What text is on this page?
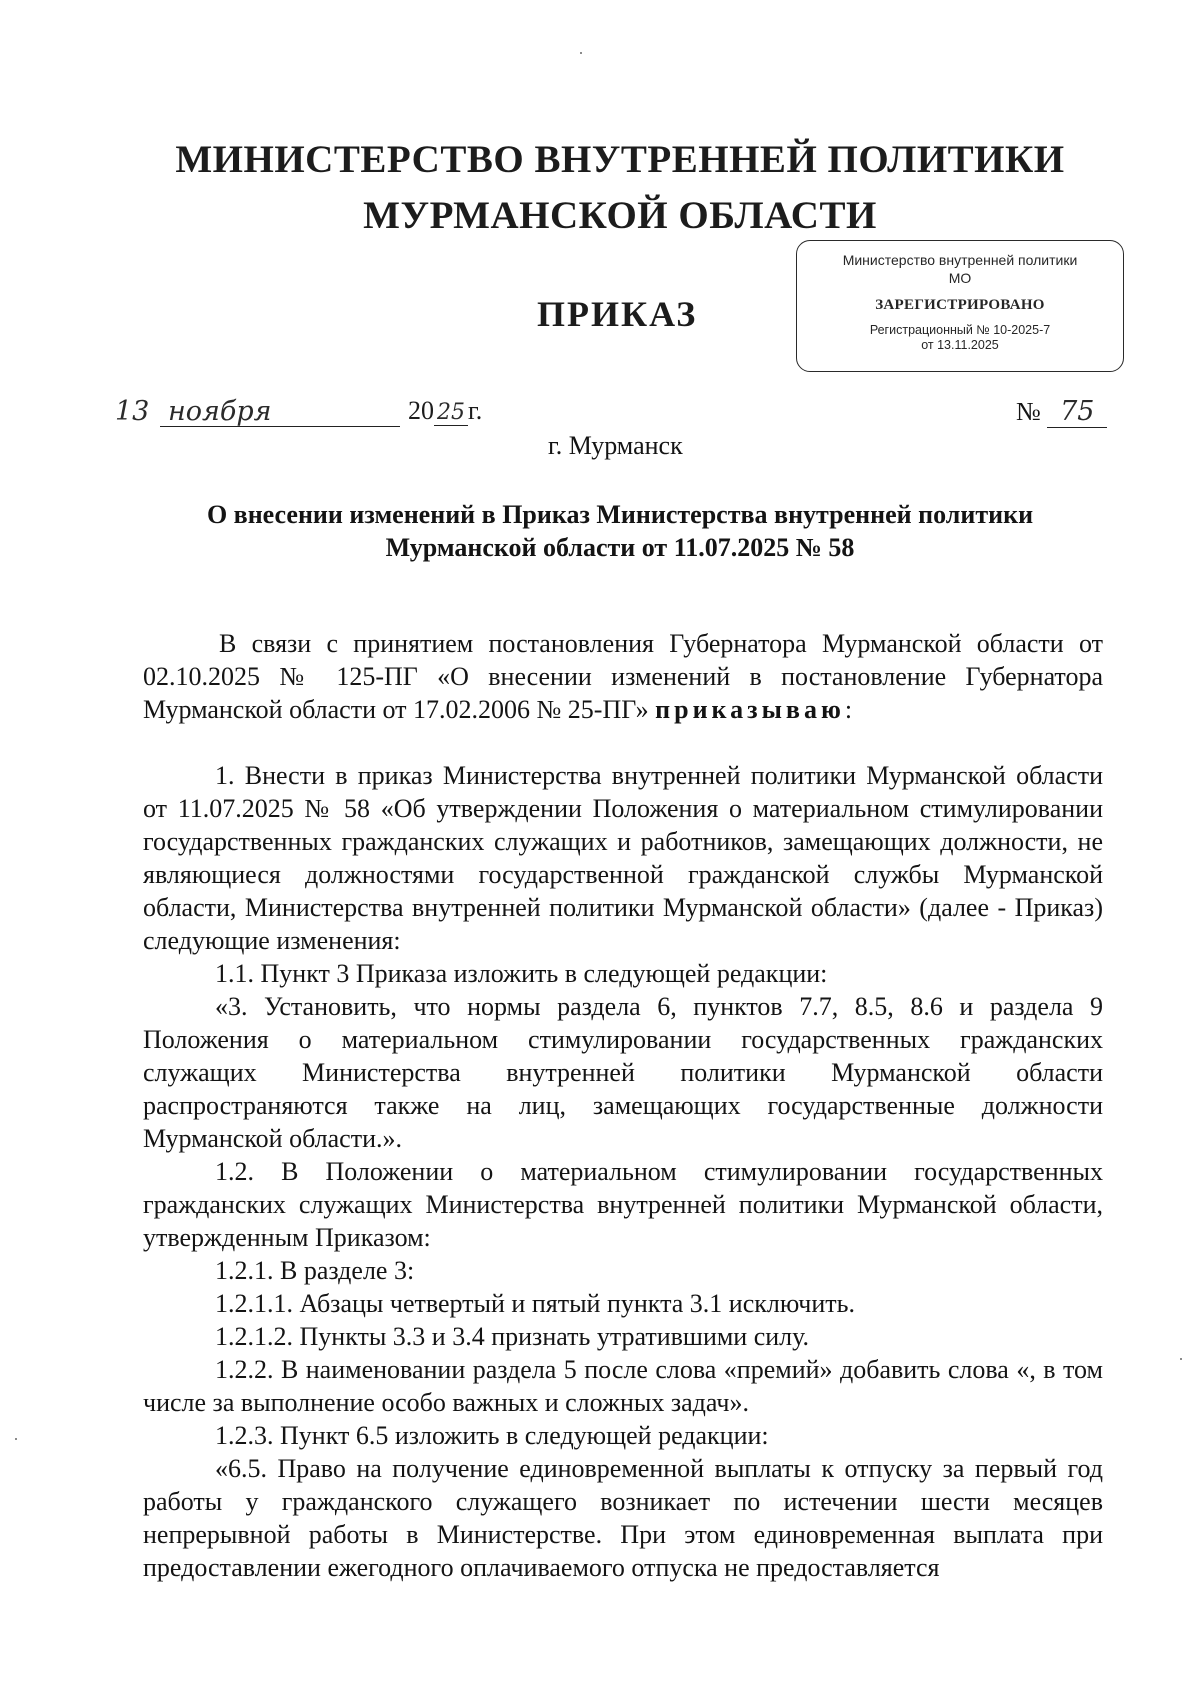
МИНИСТЕРСТВО ВНУТРЕННЕЙ ПОЛИТИКИ
МУРМАНСКОЙ ОБЛАСТИ
ПРИКАЗ
Министерство внутренней политики
МО
ЗАРЕГИСТРИРОВАНО
Регистрационный № 10-2025-7
от 13.11.2025
13 ноября	20 25 г.	№ 75
г. Мурманск
О внесении изменений в Приказ Министерства внутренней политики
Мурманской области от 11.07.2025 № 58

В связи с принятием постановления Губернатора Мурманской области от 02.10.2025 № 125-ПГ «О внесении изменений в постановление Губернатора Мурманской области от 17.02.2006 № 25-ПГ» приказываю:

1. Внести в приказ Министерства внутренней политики Мурманской области от 11.07.2025 № 58 «Об утверждении Положения о материальном стимулировании государственных гражданских служащих и работников, замещающих должности, не являющиеся должностями государственной гражданской службы Мурманской области, Министерства внутренней политики Мурманской области» (далее - Приказ) следующие изменения:

1.1. Пункт 3 Приказа изложить в следующей редакции:

«3. Установить, что нормы раздела 6, пунктов 7.7, 8.5, 8.6 и раздела 9 Положения о материальном стимулировании государственных гражданских служащих Министерства внутренней политики Мурманской области распространяются также на лиц, замещающих государственные должности Мурманской области.».

1.2. В Положении о материальном стимулировании государственных гражданских служащих Министерства внутренней политики Мурманской области, утвержденным Приказом:

1.2.1. В разделе 3:

1.2.1.1. Абзацы четвертый и пятый пункта 3.1 исключить.

1.2.1.2. Пункты 3.3 и 3.4 признать утратившими силу.

1.2.2. В наименовании раздела 5 после слова «премий» добавить слова «, в том числе за выполнение особо важных и сложных задач».

1.2.3. Пункт 6.5 изложить в следующей редакции:

«6.5. Право на получение единовременной выплаты к отпуску за первый год работы у гражданского служащего возникает по истечении шести месяцев непрерывной работы в Министерстве. При этом единовременная выплата при предоставлении ежегодного оплачиваемого отпуска не предоставляется
